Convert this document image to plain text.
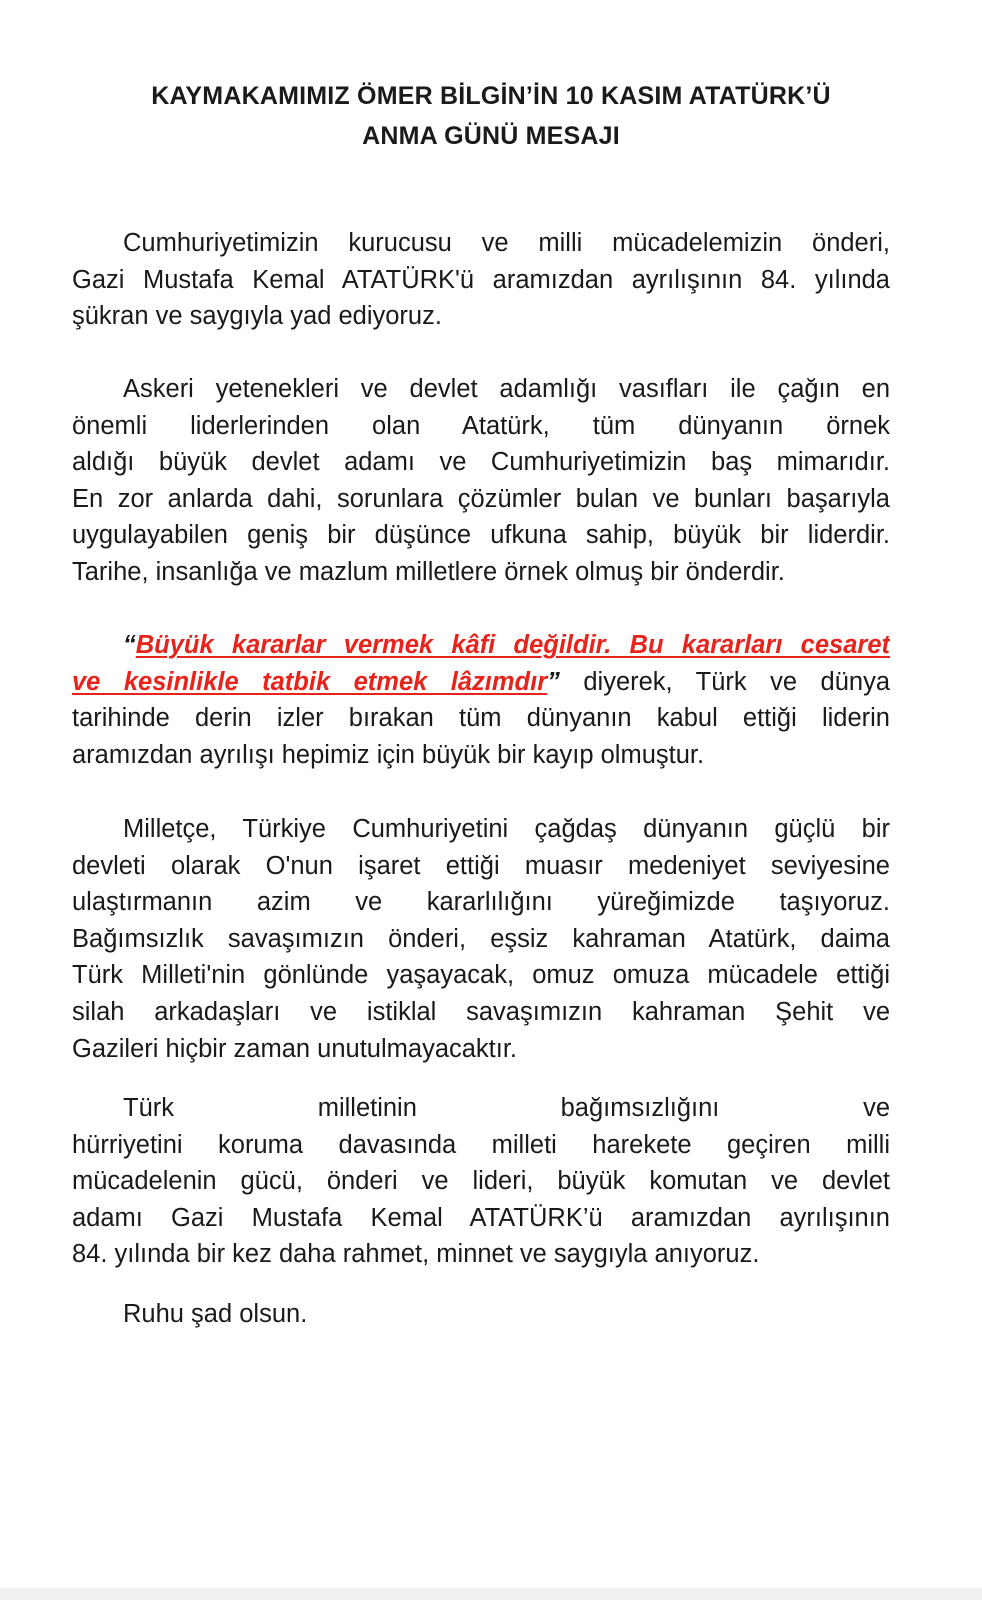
KAYMAKAMIMIZ ÖMER BİLGİN’İN 10 KASIM ATATÜRK’Ü
ANMA GÜNÜ MESAJI
Cumhuriyetimizin kurucusu ve milli mücadelemizin önderi,
Gazi Mustafa Kemal ATATÜRK'ü aramızdan ayrılışının 84. yılında
şükran ve saygıyla yad ediyoruz.
Askeri yetenekleri ve devlet adamlığı vasıfları ile çağın en
önemli liderlerinden olan Atatürk, tüm dünyanın örnek
aldığı büyük devlet adamı ve Cumhuriyetimizin baş mimarıdır.
En zor anlarda dahi, sorunlara çözümler bulan ve bunları başarıyla
uygulayabilen geniş bir düşünce ufkuna sahip, büyük bir liderdir.
Tarihe, insanlığa ve mazlum milletlere örnek olmuş bir önderdir.
“Büyük kararlar vermek kâfi değildir. Bu kararları cesaret
ve kesinlikle tatbik etmek lâzımdır” diyerek, Türk ve dünya
tarihinde derin izler bırakan tüm dünyanın kabul ettiği liderin
aramızdan ayrılışı hepimiz için büyük bir kayıp olmuştur.
Milletçe, Türkiye Cumhuriyetini çağdaş dünyanın güçlü bir
devleti olarak O'nun işaret ettiği muasır medeniyet seviyesine
ulaştırmanın azim ve kararlılığını yüreğimizde taşıyoruz.
Bağımsızlık savaşımızın önderi, eşsiz kahraman Atatürk, daima
Türk Milleti'nin gönlünde yaşayacak, omuz omuza mücadele ettiği
silah arkadaşları ve istiklal savaşımızın kahraman Şehit ve
Gazileri hiçbir zaman unutulmayacaktır.
Türk milletinin bağımsızlığını ve
hürriyetini koruma davasında milleti harekete geçiren milli
mücadelenin gücü, önderi ve lideri, büyük komutan ve devlet
adamı Gazi Mustafa Kemal ATATÜRK’ü aramızdan ayrılışının
84. yılında bir kez daha rahmet, minnet ve saygıyla anıyoruz.
Ruhu şad olsun.
